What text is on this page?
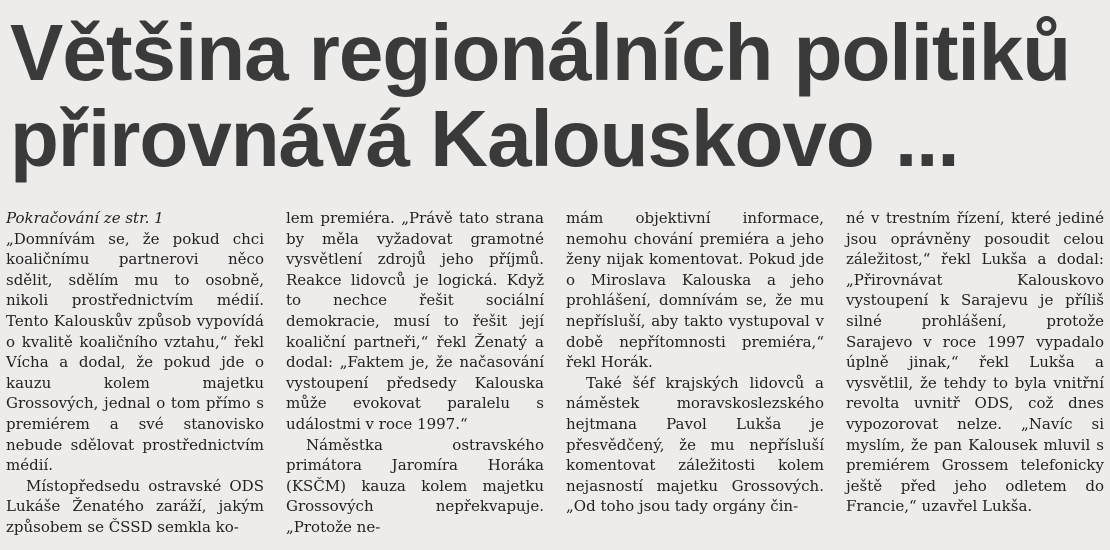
Většina regionálních politiků
přirovnává Kalouskovo ...

Pokračování ze str. 1

„Domnívám se, že pokud chci koaličnímu partnerovi něco sdělit, sdělím mu to osobně, nikoli prostřednictvím médií. Tento Kalouskův způsob vypovídá o kvalitě koaličního vztahu,“ řekl Vícha a dodal, že pokud jde o kauzu kolem majetku Grossových, jednal o tom přímo s premiérem a své stanovisko nebude sdělovat prostřednictvím médií.

Místopředsedu ostravské ODS Lukáše Ženatého zaráží, jakým způsobem se ČSSD semkla ko-

lem premiéra. „Právě tato strana by měla vyžadovat gramotné vysvětlení zdrojů jeho příjmů. Reakce lidovců je logická. Když to nechce řešit sociální demokracie, musí to řešit její koaliční partneři,“ řekl Ženatý a dodal: „Faktem je, že načasování vystoupení předsedy Kalouska může evokovat paralelu s událostmi v roce 1997.“

Náměstka ostravského primátora Jaromíra Horáka (KSČM) kauza kolem majetku Grossových nepřekvapuje. „Protože ne-

mám objektivní informace, nemohu chování premiéra a jeho ženy nijak komentovat. Pokud jde o Miroslava Kalouska a jeho prohlášení, domnívám se, že mu nepřísluší, aby takto vystupoval v době nepřítomnosti premiéra,“ řekl Horák.

Také šéf krajských lidovců a náměstek moravskoslezského hejtmana Pavol Lukša je přesvědčený, že mu nepřísluší komentovat záležitosti kolem nejasností majetku Grossových. „Od toho jsou tady orgány čin-

né v trestním řízení, které jediné jsou oprávněny posoudit celou záležitost,“ řekl Lukša a dodal: „Přirovnávat Kalouskovo vystoupení k Sarajevu je příliš silné prohlášení, protože Sarajevo v roce 1997 vypadalo úplně jinak,“ řekl Lukša a vysvětlil, že tehdy to byla vnitřní revolta uvnitř ODS, což dnes vypozorovat nelze. „Navíc si myslím, že pan Kalousek mluvil s premiérem Grossem telefonicky ještě před jeho odletem do Francie,“ uzavřel Lukša.
